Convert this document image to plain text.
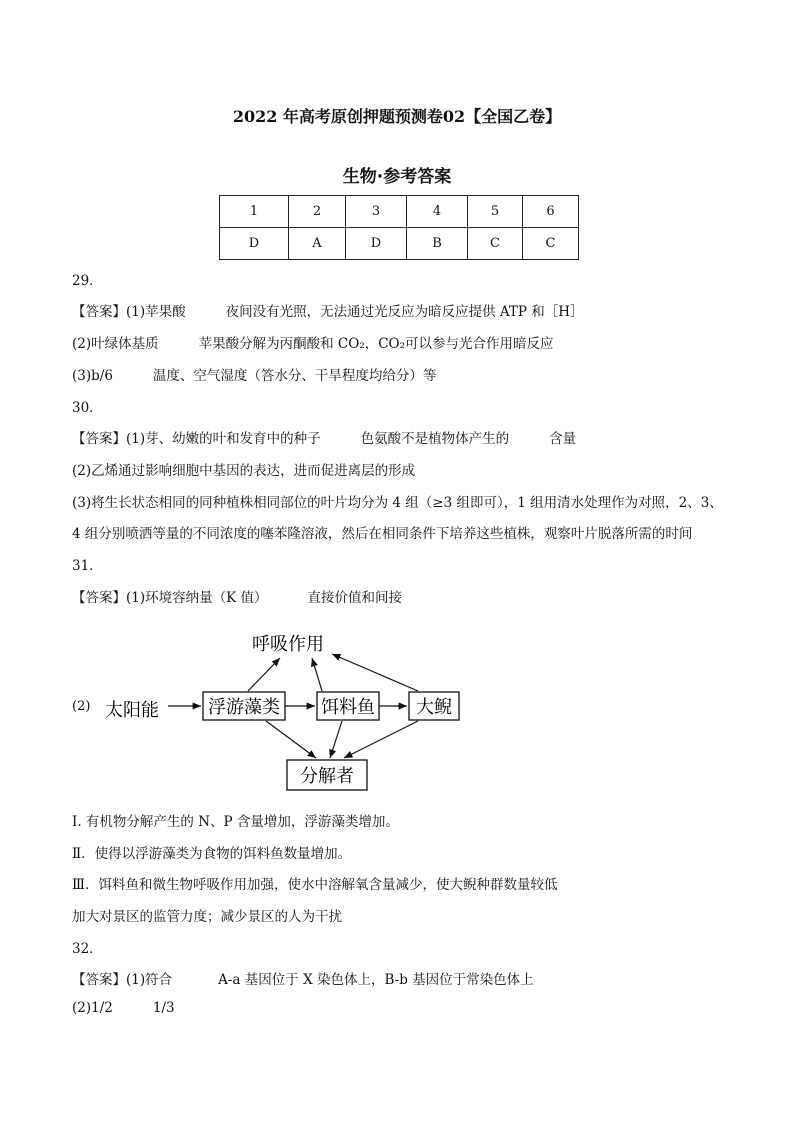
2022 年高考原创押题预测卷02【全国乙卷】
生物·参考答案
1	2	3	4	5	6
D	A	D	B	C	C
29．
【答案】(1)苹果酸	夜间没有光照，无法通过光反应为暗反应提供 ATP 和［H］
(2)叶绿体基质	苹果酸分解为丙酮酸和 CO₂，CO₂可以参与光合作用暗反应
(3)b/6	温度、空气湿度（答水分、干旱程度均给分）等
30．
【答案】(1)芽、幼嫩的叶和发育中的种子	色氨酸不是植物体产生的	含量
(2)乙烯通过影响细胞中基因的表达，进而促进离层的形成
(3)将生长状态相同的同种植株相同部位的叶片均分为 4 组（≥3 组即可），1 组用清水处理作为对照，2、3、
4 组分别喷洒等量的不同浓度的噻苯隆溶液，然后在相同条件下培养这些植株，观察叶片脱落所需的时间
31．
【答案】(1)环境容纳量（K 值）	直接价值和间接
(2)
呼吸作用
太阳能	浮游藻类 饵料鱼 大鲵
分解者
Ⅰ. 有机物分解产生的 N、P 含量增加，浮游藻类增加。
Ⅱ．使得以浮游藻类为食物的饵料鱼数量增加。
Ⅲ．饵料鱼和微生物呼吸作用加强，使水中溶解氧含量减少，使大鲵种群数量较低
加大对景区的监管力度；减少景区的人为干扰
32．
【答案】(1)符合	A-a 基因位于 X 染色体上，B-b 基因位于常染色体上
(2)1/2	1/3
